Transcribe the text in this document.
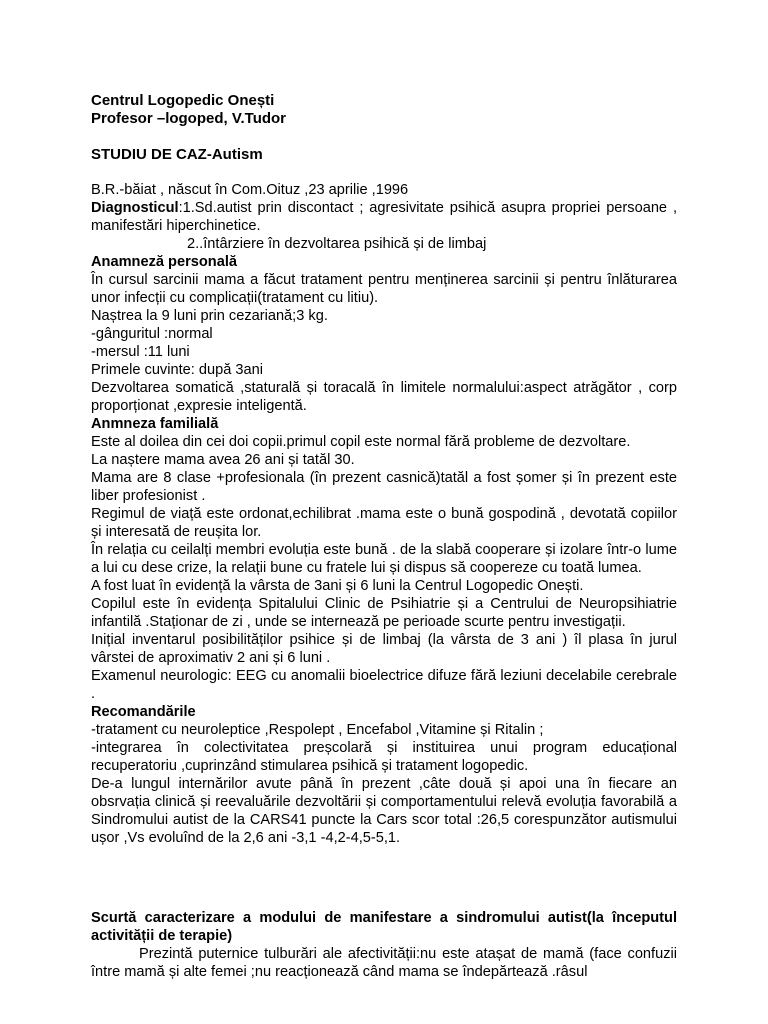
Centrul Logopedic Onești
Profesor –logoped, V.Tudor
STUDIU DE CAZ-Autism

B.R.-băiat , născut în Com.Oituz ,23 aprilie ,1996

Diagnosticul:1.Sd.autist prin discontact ; agresivitate psihică asupra propriei persoane , manifestări hiperchinetice.

2..întârziere în dezvoltarea psihică și de limbaj

Anamneză personală

În cursul sarcinii mama a făcut tratament pentru menținerea sarcinii și pentru înlăturarea unor infecții cu complicații(tratament cu litiu).

Naștrea la 9 luni prin cezariană;3 kg.

-gânguritul :normal

-mersul :11 luni

Primele cuvinte: după 3ani

Dezvoltarea somatică ,staturală și toracală în limitele normalului:aspect atrăgător , corp proporționat ,expresie inteligentă.

Anmneza familială

Este al doilea din cei doi copii.primul copil este normal fără probleme de dezvoltare.

La naștere mama avea 26 ani și tatăl 30.

Mama are 8 clase +profesionala (în prezent casnică)tatăl a fost șomer și în prezent este liber profesionist .

Regimul de viață este ordonat,echilibrat .mama este o bună gospodină , devotată copiilor și interesată de reușita lor.

În relația cu ceilalți membri evoluția este bună . de la slabă cooperare și izolare într-o lume a lui cu dese crize, la relații bune cu fratele lui și dispus să coopereze cu toată lumea.

A fost luat în evidență la vârsta de 3ani și 6 luni la Centrul Logopedic Onești.

Copilul este în evidența Spitalului Clinic de Psihiatrie și a Centrului de Neuropsihiatrie infantilă .Staționar de zi , unde se internează pe perioade scurte pentru investigații.

Inițial inventarul posibilităților psihice și de limbaj (la vârsta de 3 ani ) îl plasa în jurul vârstei de aproximativ 2 ani și 6 luni .

Examenul neurologic: EEG cu anomalii bioelectrice difuze fără leziuni decelabile cerebrale .

Recomandările

-tratament cu neuroleptice ,Respolept , Encefabol ,Vitamine și Ritalin ;

-integrarea în colectivitatea preșcolară și instituirea unui program educațional recuperatoriu ,cuprinzând stimularea psihică și tratament logopedic.

De-a lungul internărilor avute până în prezent ,câte două și apoi una în fiecare an obsrvația clinică și reevaluările dezvoltării și comportamentului relevă evoluția favorabilă a Sindromului autist de la CARS41 puncte la Cars scor total :26,5 corespunzător autismului ușor ,Vs evoluînd de la 2,6 ani -3,1 -4,2-4,5-5,1.

Scurtă caracterizare a modului de manifestare a sindromului autist(la începutul activității de terapie)

Prezintă puternice tulburări ale afectivității:nu este atașat de mamă (face confuzii între mamă și alte femei ;nu reacționează când mama se îndepărtează .râsul
